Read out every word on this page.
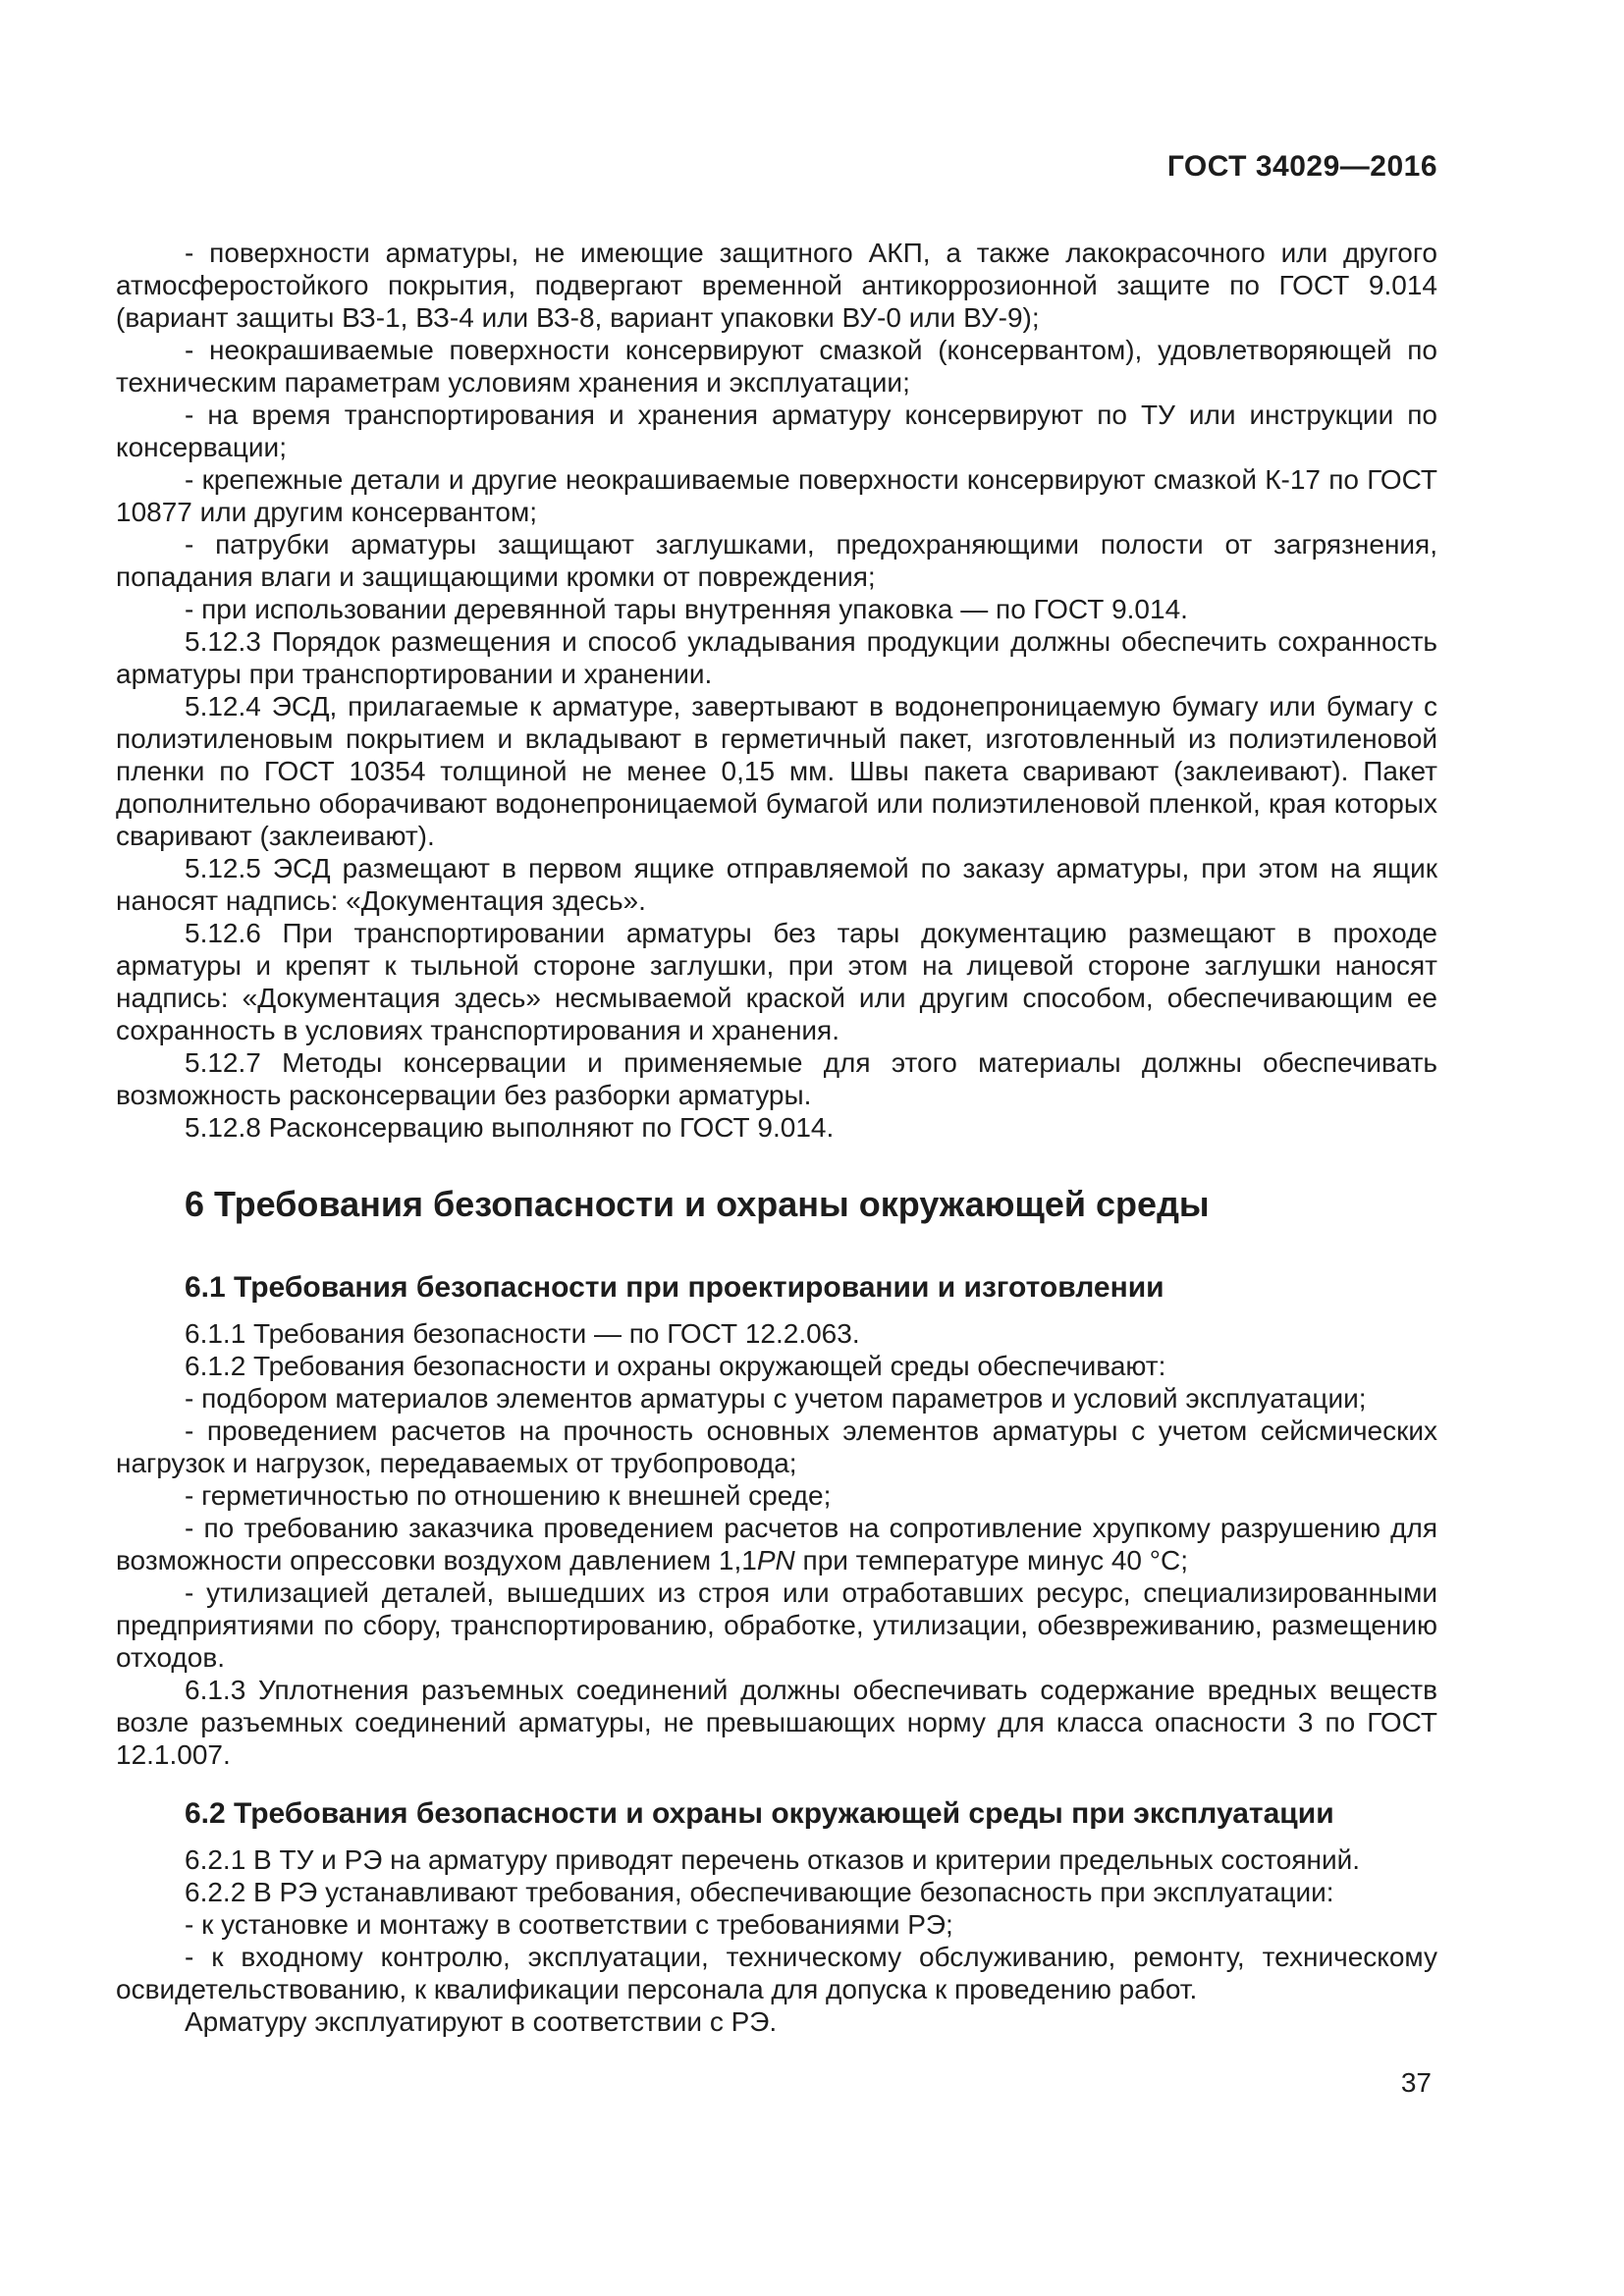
ГОСТ 34029—2016

- поверхности арматуры, не имеющие защитного АКП, а также лакокрасочного или другого атмосферостойкого покрытия, подвергают временной антикоррозионной защите по ГОСТ 9.014 (вариант защиты ВЗ-1, ВЗ-4 или ВЗ-8, вариант упаковки ВУ-0 или ВУ-9);

- неокрашиваемые поверхности консервируют смазкой (консервантом), удовлетворяющей по техническим параметрам условиям хранения и эксплуатации;

- на время транспортирования и хранения арматуру консервируют по ТУ или инструкции по консервации;

- крепежные детали и другие неокрашиваемые поверхности консервируют смазкой К-17 по ГОСТ 10877 или другим консервантом;

- патрубки арматуры защищают заглушками, предохраняющими полости от загрязнения, попадания влаги и защищающими кромки от повреждения;

- при использовании деревянной тары внутренняя упаковка — по ГОСТ 9.014.

5.12.3 Порядок размещения и способ укладывания продукции должны обеспечить сохранность арматуры при транспортировании и хранении.

5.12.4 ЭСД, прилагаемые к арматуре, завертывают в водонепроницаемую бумагу или бумагу с полиэтиленовым покрытием и вкладывают в герметичный пакет, изготовленный из полиэтиленовой пленки по ГОСТ 10354 толщиной не менее 0,15 мм. Швы пакета сваривают (заклеивают). Пакет дополнительно оборачивают водонепроницаемой бумагой или полиэтиленовой пленкой, края которых сваривают (заклеивают).

5.12.5 ЭСД размещают в первом ящике отправляемой по заказу арматуры, при этом на ящик наносят надпись: «Документация здесь».

5.12.6 При транспортировании арматуры без тары документацию размещают в проходе арматуры и крепят к тыльной стороне заглушки, при этом на лицевой стороне заглушки наносят надпись: «Документация здесь» несмываемой краской или другим способом, обеспечивающим ее сохранность в условиях транспортирования и хранения.

5.12.7 Методы консервации и применяемые для этого материалы должны обеспечивать возможность расконсервации без разборки арматуры.

5.12.8 Расконсервацию выполняют по ГОСТ 9.014.

6 Требования безопасности и охраны окружающей среды
6.1 Требования безопасности при проектировании и изготовлении

6.1.1 Требования безопасности — по ГОСТ 12.2.063.

6.1.2 Требования безопасности и охраны окружающей среды обеспечивают:

- подбором материалов элементов арматуры с учетом параметров и условий эксплуатации;

- проведением расчетов на прочность основных элементов арматуры с учетом сейсмических нагрузок и нагрузок, передаваемых от трубопровода;

- герметичностью по отношению к внешней среде;

- по требованию заказчика проведением расчетов на сопротивление хрупкому разрушению для возможности опрессовки воздухом давлением 1,1PN при температуре минус 40 °С;

- утилизацией деталей, вышедших из строя или отработавших ресурс, специализированными предприятиями по сбору, транспортированию, обработке, утилизации, обезвреживанию, размещению отходов.

6.1.3 Уплотнения разъемных соединений должны обеспечивать содержание вредных веществ возле разъемных соединений арматуры, не превышающих норму для класса опасности 3 по ГОСТ 12.1.007.

6.2 Требования безопасности и охраны окружающей среды при эксплуатации

6.2.1 В ТУ и РЭ на арматуру приводят перечень отказов и критерии предельных состояний.

6.2.2 В РЭ устанавливают требования, обеспечивающие безопасность при эксплуатации:

- к установке и монтажу в соответствии с требованиями РЭ;

- к входному контролю, эксплуатации, техническому обслуживанию, ремонту, техническому освидетельствованию, к квалификации персонала для допуска к проведению работ.

Арматуру эксплуатируют в соответствии с РЭ.

37
